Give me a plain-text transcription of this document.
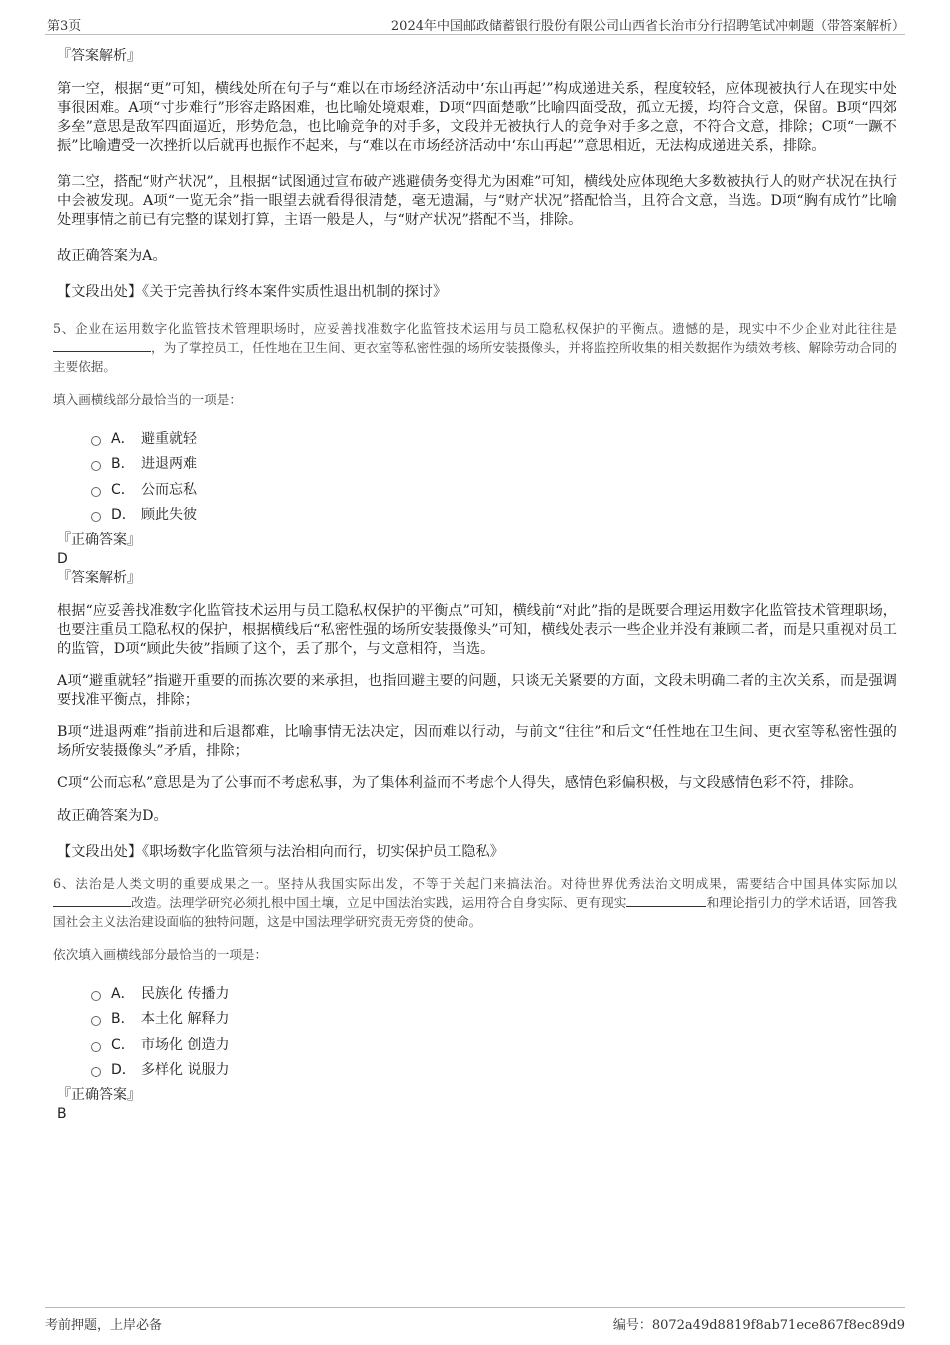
第3页	2024年中国邮政储蓄银行股份有限公司山西省长治市分行招聘笔试冲刺题（带答案解析）

『答案解析』

第一空，根据“更”可知，横线处所在句子与“难以在市场经济活动中‘东山再起’”构成递进关系，程度较轻，应体现被执行人在现实中处事很困难。A项“寸步难行”形容走路困难，也比喻处境艰难，D项“四面楚歌”比喻四面受敌，孤立无援，均符合文意，保留。B项“四郊多垒”意思是敌军四面逼近，形势危急，也比喻竞争的对手多，文段并无被执行人的竞争对手多之意，不符合文意，排除；C项“一蹶不振”比喻遭受一次挫折以后就再也振作不起来，与“难以在市场经济活动中‘东山再起’”意思相近，无法构成递进关系，排除。

第二空，搭配“财产状况”，且根据“试图通过宣布破产逃避债务变得尤为困难”可知，横线处应体现绝大多数被执行人的财产状况在执行中会被发现。A项“一览无余”指一眼望去就看得很清楚，毫无遗漏，与“财产状况”搭配恰当，且符合文意，当选。D项“胸有成竹”比喻处理事情之前已有完整的谋划打算，主语一般是人，与“财产状况”搭配不当，排除。

故正确答案为A。

【文段出处】《关于完善执行终本案件实质性退出机制的探讨》

5、企业在运用数字化监管技术管理职场时，应妥善找准数字化监管技术运用与员工隐私权保护的平衡点。遗憾的是，现实中不少企业对此往往是，为了掌控员工，任性地在卫生间、更衣室等私密性强的场所安装摄像头，并将监控所收集的相关数据作为绩效考核、解除劳动合同的主要依据。

填入画横线部分最恰当的一项是：

A． 避重就轻
B． 进退两难
C． 公而忘私
D． 顾此失彼

『正确答案』

D

『答案解析』

根据“应妥善找准数字化监管技术运用与员工隐私权保护的平衡点”可知，横线前“对此”指的是既要合理运用数字化监管技术管理职场，也要注重员工隐私权的保护，根据横线后“私密性强的场所安装摄像头”可知，横线处表示一些企业并没有兼顾二者，而是只重视对员工的监管，D项“顾此失彼”指顾了这个，丢了那个，与文意相符，当选。

A项“避重就轻”指避开重要的而拣次要的来承担，也指回避主要的问题，只谈无关紧要的方面，文段未明确二者的主次关系，而是强调要找准平衡点，排除；

B项“进退两难”指前进和后退都难，比喻事情无法决定，因而难以行动，与前文“往往”和后文“任性地在卫生间、更衣室等私密性强的场所安装摄像头”矛盾，排除；

C项“公而忘私”意思是为了公事而不考虑私事，为了集体利益而不考虑个人得失，感情色彩偏积极，与文段感情色彩不符，排除。

故正确答案为D。

【文段出处】《职场数字化监管须与法治相向而行，切实保护员工隐私》

6、法治是人类文明的重要成果之一。坚持从我国实际出发，不等于关起门来搞法治。对待世界优秀法治文明成果，需要结合中国具体实际加以改造。法理学研究必须扎根中国土壤，立足中国法治实践，运用符合自身实际、更有现实	和理论指引力的学术话语，回答我国社会主义法治建设面临的独特问题，这是中国法理学研究责无旁贷的使命。

依次填入画横线部分最恰当的一项是：

A． 民族化 传播力
B． 本土化 解释力
C． 市场化 创造力
D． 多样化 说服力

『正确答案』

B

考前押题，上岸必备	编号：8072a49d8819f8ab71ece867f8ec89d9
